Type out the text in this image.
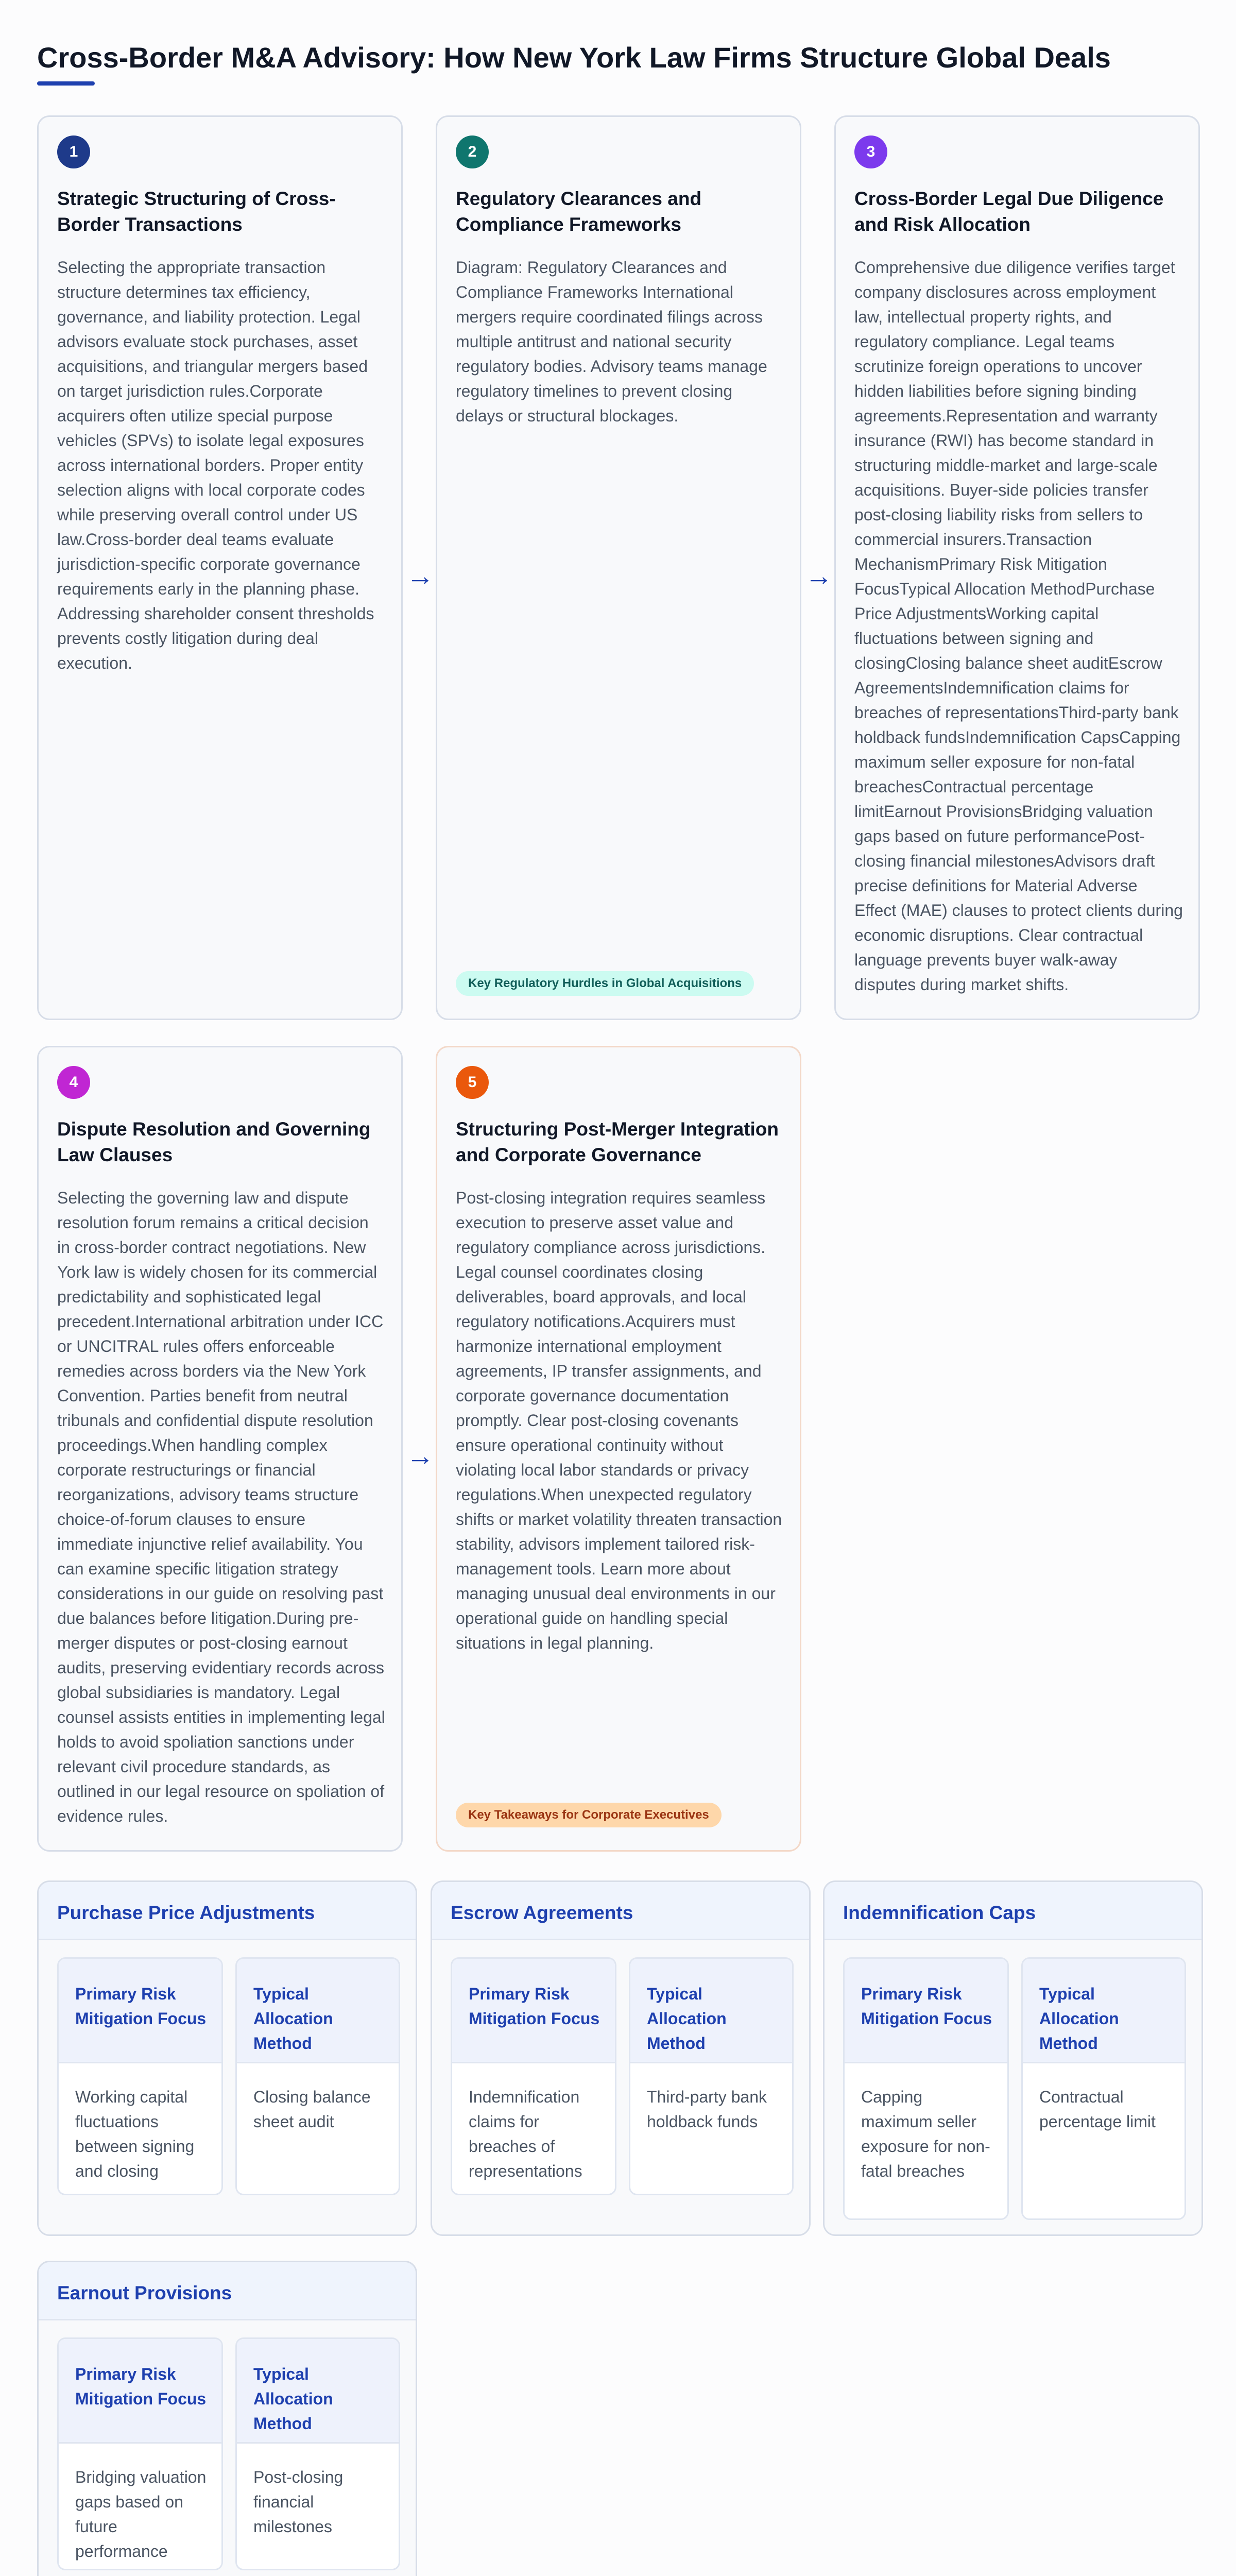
Cross-Border M&A Advisory: How New York Law Firms Structure Global Deals
1
Strategic Structuring of Cross-Border Transactions
Selecting the appropriate transaction structure determines tax efficiency, governance, and liability protection. Legal advisors evaluate stock purchases, asset acquisitions, and triangular mergers based on target jurisdiction rules.Corporate acquirers often utilize special purpose vehicles (SPVs) to isolate legal exposures across international borders. Proper entity selection aligns with local corporate codes while preserving overall control under US law.Cross-border deal teams evaluate jurisdiction-specific corporate governance requirements early in the planning phase. Addressing shareholder consent thresholds prevents costly litigation during deal execution.
→
2
Regulatory Clearances and Compliance Frameworks
Diagram: Regulatory Clearances and Compliance Frameworks International mergers require coordinated filings across multiple antitrust and national security regulatory bodies. Advisory teams manage regulatory timelines to prevent closing delays or structural blockages.
Key Regulatory Hurdles in Global Acquisitions
→
3
Cross-Border Legal Due Diligence and Risk Allocation
Comprehensive due diligence verifies target company disclosures across employment law, intellectual property rights, and regulatory compliance. Legal teams scrutinize foreign operations to uncover hidden liabilities before signing binding agreements.Representation and warranty insurance (RWI) has become standard in structuring middle-market and large-scale acquisitions. Buyer-side policies transfer post-closing liability risks from sellers to commercial insurers.Transaction MechanismPrimary Risk Mitigation FocusTypical Allocation MethodPurchase Price AdjustmentsWorking capital fluctuations between signing and closingClosing balance sheet auditEscrow AgreementsIndemnification claims for breaches of representationsThird-party bank holdback fundsIndemnification CapsCapping maximum seller exposure for non-fatal breachesContractual percentage limitEarnout ProvisionsBridging valuation gaps based on future performancePost-closing financial milestonesAdvisors draft precise definitions for Material Adverse Effect (MAE) clauses to protect clients during economic disruptions. Clear contractual language prevents buyer walk-away disputes during market shifts.
4
Dispute Resolution and Governing Law Clauses
Selecting the governing law and dispute resolution forum remains a critical decision in cross-border contract negotiations. New York law is widely chosen for its commercial predictability and sophisticated legal precedent.International arbitration under ICC or UNCITRAL rules offers enforceable remedies across borders via the New York Convention. Parties benefit from neutral tribunals and confidential dispute resolution proceedings.When handling complex corporate restructurings or financial reorganizations, advisory teams structure choice-of-forum clauses to ensure immediate injunctive relief availability. You can examine specific litigation strategy considerations in our guide on resolving past due balances before litigation.During pre-merger disputes or post-closing earnout audits, preserving evidentiary records across global subsidiaries is mandatory. Legal counsel assists entities in implementing legal holds to avoid spoliation sanctions under relevant civil procedure standards, as outlined in our legal resource on spoliation of evidence rules.
→
5
Structuring Post-Merger Integration and Corporate Governance
Post-closing integration requires seamless execution to preserve asset value and regulatory compliance across jurisdictions. Legal counsel coordinates closing deliverables, board approvals, and local regulatory notifications.Acquirers must harmonize international employment agreements, IP transfer assignments, and corporate governance documentation promptly. Clear post-closing covenants ensure operational continuity without violating local labor standards or privacy regulations.When unexpected regulatory shifts or market volatility threaten transaction stability, advisors implement tailored risk-management tools. Learn more about managing unusual deal environments in our operational guide on handling special situations in legal planning.
Key Takeaways for Corporate Executives
Purchase Price Adjustments
Primary Risk Mitigation Focus
Working capital fluctuations between signing and closing
Typical Allocation Method
Closing balance sheet audit
Escrow Agreements
Primary Risk Mitigation Focus
Indemnification claims for breaches of representations
Typical Allocation Method
Third-party bank holdback funds
Indemnification Caps
Primary Risk Mitigation Focus
Capping maximum seller exposure for non-fatal breaches
Typical Allocation Method
Contractual percentage limit
Earnout Provisions
Primary Risk Mitigation Focus
Bridging valuation gaps based on future performance
Typical Allocation Method
Post-closing financial milestones
